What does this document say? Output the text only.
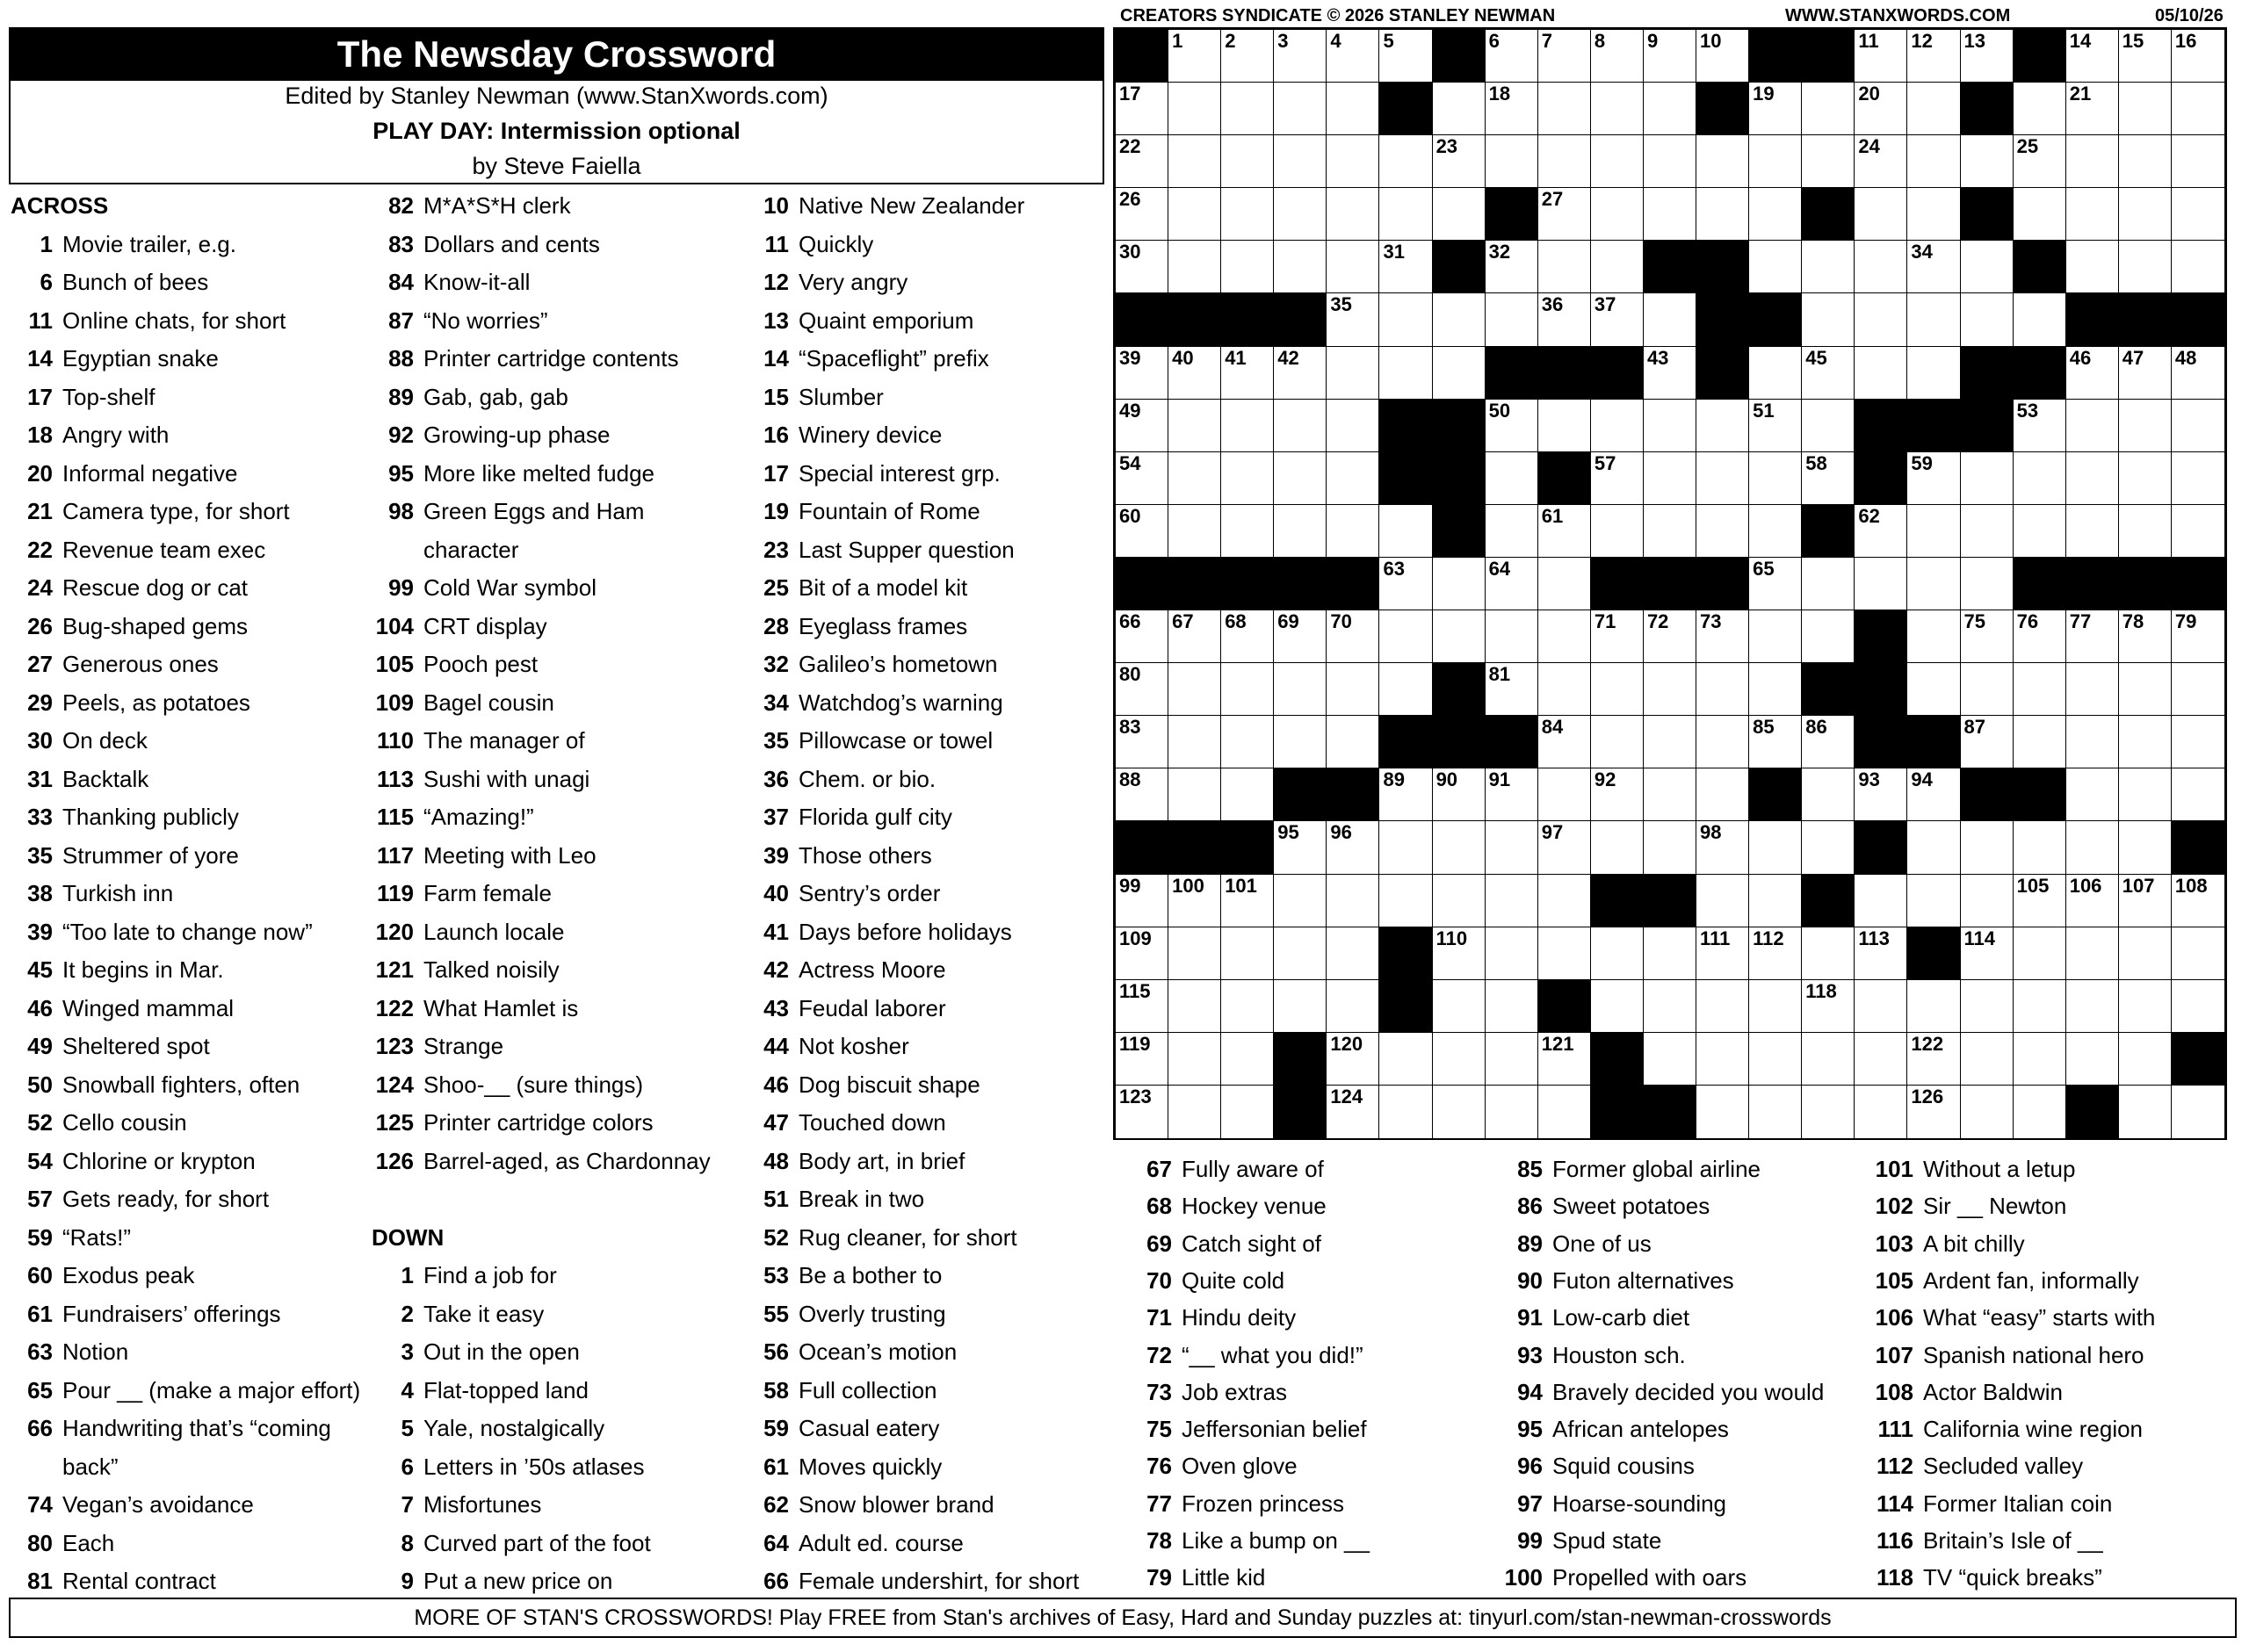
CREATORS SYNDICATE © 2026 STANLEY NEWMAN	WWW.STANXWORDS.COM	05/10/26
The Newsday Crossword
Edited by Stanley Newman (www.StanXwords.com)
PLAY DAY: Intermission optional
by Steve Faiella
ACROSS
1 Movie trailer, e.g.
6 Bunch of bees
11 Online chats, for short
14 Egyptian snake
17 Top-shelf
18 Angry with
20 Informal negative
21 Camera type, for short
22 Revenue team exec
24 Rescue dog or cat
26 Bug-shaped gems
27 Generous ones
29 Peels, as potatoes
30 On deck
31 Backtalk
33 Thanking publicly
35 Strummer of yore
38 Turkish inn
39 “Too late to change now”
45 It begins in Mar.
46 Winged mammal
49 Sheltered spot
50 Snowball fighters, often
52 Cello cousin
54 Chlorine or krypton
57 Gets ready, for short
59 “Rats!”
60 Exodus peak
61 Fundraisers’ offerings
63 Notion
65 Pour __ (make a major effort)
66 Handwriting that’s “coming
back”
74 Vegan’s avoidance
80 Each
81 Rental contract
82 M*A*S*H clerk
83 Dollars and cents
84 Know-it-all
87 “No worries”
88 Printer cartridge contents
89 Gab, gab, gab
92 Growing-up phase
95 More like melted fudge
98 Green Eggs and Ham
character
99 Cold War symbol
104 CRT display
105 Pooch pest
109 Bagel cousin
110 The manager of
113 Sushi with unagi
115 “Amazing!”
117 Meeting with Leo
119 Farm female
120 Launch locale
121 Talked noisily
122 What Hamlet is
123 Strange
124 Shoo-__ (sure things)
125 Printer cartridge colors
126 Barrel-aged, as Chardonnay
DOWN
1 Find a job for
2 Take it easy
3 Out in the open
4 Flat-topped land
5 Yale, nostalgically
6 Letters in ’50s atlases
7 Misfortunes
8 Curved part of the foot
9 Put a new price on
10 Native New Zealander
11 Quickly
12 Very angry
13 Quaint emporium
14 “Spaceflight” prefix
15 Slumber
16 Winery device
17 Special interest grp.
19 Fountain of Rome
23 Last Supper question
25 Bit of a model kit
28 Eyeglass frames
32 Galileo’s hometown
34 Watchdog’s warning
35 Pillowcase or towel
36 Chem. or bio.
37 Florida gulf city
39 Those others
40 Sentry’s order
41 Days before holidays
42 Actress Moore
43 Feudal laborer
44 Not kosher
46 Dog biscuit shape
47 Touched down
48 Body art, in brief
51 Break in two
52 Rug cleaner, for short
53 Be a bother to
55 Overly trusting
56 Ocean’s motion
58 Full collection
59 Casual eatery
61 Moves quickly
62 Snow blower brand
64 Adult ed. course
66 Female undershirt, for short
67 Fully aware of
68 Hockey venue
69 Catch sight of
70 Quite cold
71 Hindu deity
72 “__ what you did!”
73 Job extras
75 Jeffersonian belief
76 Oven glove
77 Frozen princess
78 Like a bump on __
79 Little kid
85 Former global airline
86 Sweet potatoes
89 One of us
90 Futon alternatives
91 Low-carb diet
93 Houston sch.
94 Bravely decided you would
95 African antelopes
96 Squid cousins
97 Hoarse-sounding
99 Spud state
100 Propelled with oars
101 Without a letup
102 Sir __ Newton
103 A bit chilly
105 Ardent fan, informally
106 What “easy” starts with
107 Spanish national hero
108 Actor Baldwin
111 California wine region
112 Secluded valley
114 Former Italian coin
116 Britain’s Isle of __
118 TV “quick breaks”
1 2 3 4 5	6 7 8 9 10	11 12 13	14 15 16
17	18	19	20	21
22	23	24	25
26	27
30	31	32	34
35	36 37
39 40 41 42	43	45	46 47 48
49	50	51	53
54	57	58	59
60	61	62
63	64	65
66 67 68 69 70	71 72 73	75 76 77 78 79
80	81
83	84	85 86	87
88	89 90 91	92	93 94
95 96	97	98
99 100 101	105 106 107 108
109	110	111 112	113	114
115	118
119	120	121	122
123	124	126
MORE OF STAN'S CROSSWORDS! Play FREE from Stan's archives of Easy, Hard and Sunday puzzles at: tinyurl.com/stan-newman-crosswords
